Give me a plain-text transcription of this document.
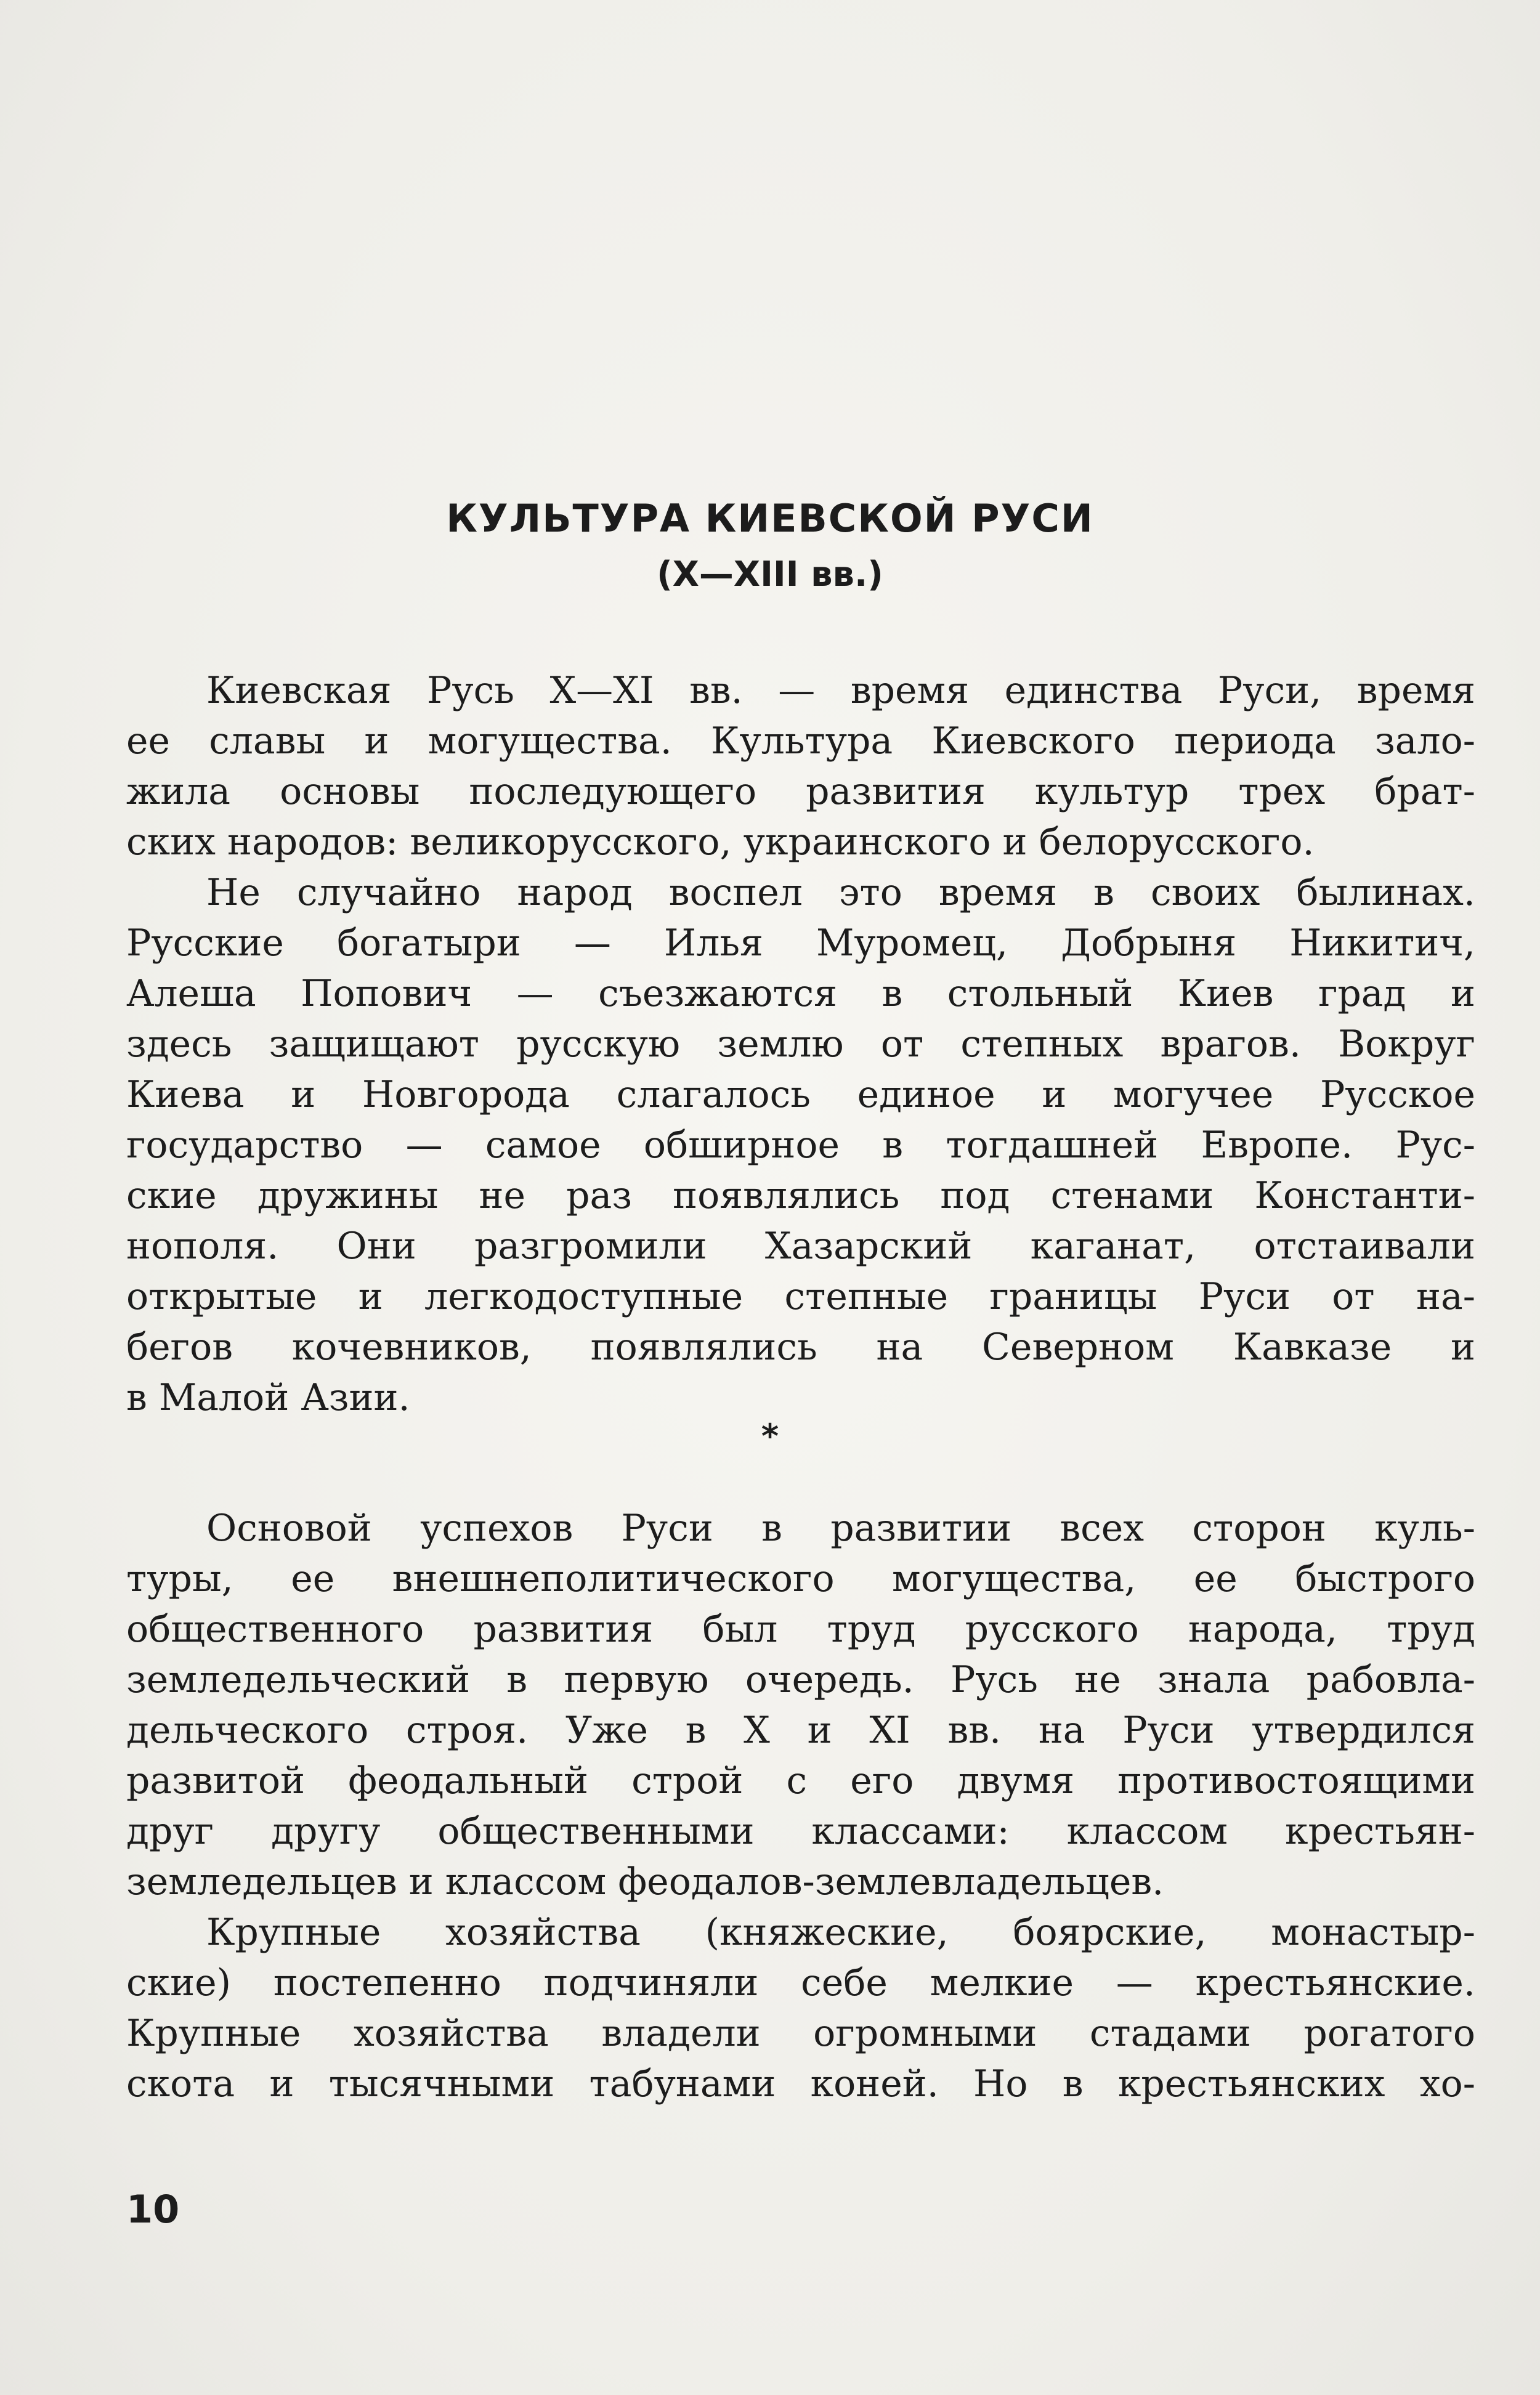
КУЛЬТУРА КИЕВСКОЙ РУСИ
(X—XIII вв.)
Киевская Русь X—XI вв. — время единства Руси, время
ее славы и могущества. Культура Киевского периода зало-
жила основы последующего развития культур трех брат-
ских народов: великорусского, украинского и белорусского.
Не случайно народ воспел это время в своих былинах.
Русские богатыри — Илья Муромец, Добрыня Никитич,
Алеша Попович — съезжаются в стольный Киев град и
здесь защищают русскую землю от степных врагов. Вокруг
Киева и Новгорода слагалось единое и могучее Русское
государство — самое обширное в тогдашней Европе. Рус-
ские дружины не раз появлялись под стенами Константи-
нополя. Они разгромили Хазарский каганат, отстаивали
открытые и легкодоступные степные границы Руси от на-
бегов кочевников, появлялись на Северном Кавказе и
в Малой Азии.
*
Основой успехов Руси в развитии всех сторон куль-
туры, ее внешнеполитического могущества, ее быстрого
общественного развития был труд русского народа, труд
земледельческий в первую очередь. Русь не знала рабовла-
дельческого строя. Уже в X и XI вв. на Руси утвердился
развитой феодальный строй с его двумя противостоящими
друг другу общественными классами: классом крестьян-
земледельцев и классом феодалов-землевладельцев.
Крупные хозяйства (княжеские, боярские, монастыр-
ские) постепенно подчиняли себе мелкие — крестьянские.
Крупные хозяйства владели огромными стадами рогатого
скота и тысячными табунами коней. Но в крестьянских хо-
10
